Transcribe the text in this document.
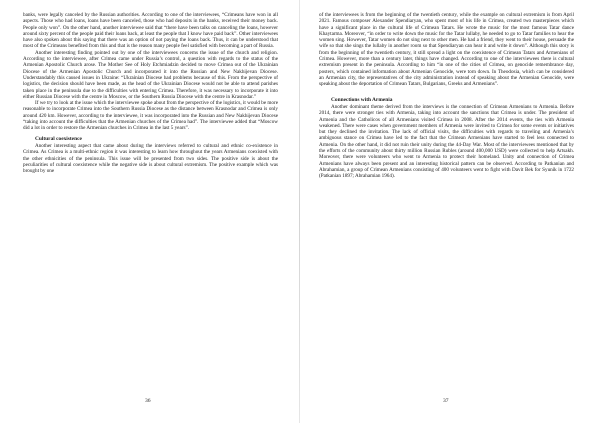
banks, were legally canceled by the Russian authorities. According to one of the interviewees, “Crimeans have won in all aspects. Those who had loans, loans have been canceled, those who had deposits in the banks, received their money back. People only won”. On the other hand, another interviewee said that “there have been talks on canceling the loans, however around sixty percent of the people paid their loans back, at least the people that I know have paid back”. Other interviewees have also spoken about this saying that there was an option of not paying the loans back. Thus, it can be understood that most of the Crimeans benefited from this and that is the reason many people feel satisfied with becoming a part of Russia.

Another interesting finding pointed out by one of the interviewees concerns the issue of the church and religion. According to the interviewee, after Crimea came under Russia’s control, a question with regards to the status of the Armenian Apostolic Church arose. The Mother See of Holy Etchmiadzin decided to move Crimea out of the Ukrainian Diocese of the Armenian Apostolic Church and incorporated it into the Russian and New Nakhijevan Diocese. Understandably this caused issues in Ukraine: “Ukrainian Diocese had problems because of this. From the perspective of logistics, the decision should have been made, as the head of the Ukrainian Diocese would not be able to attend parishes taken place in the peninsula due to the difficulties with entering Crimea. Therefore, it was necessary to incorporate it into either Russian Diocese with the centre in Moscow, or the Southern Russia Diocese with the centre in Krasnodar.”

If we try to look at the issue which the interviewee spoke about from the perspective of the logistics, it would be more reasonable to incorporate Crimea into the Southern Russia Diocese as the distance between Krasnodar and Crimea is only around 420 km. However, according to the interviewee, it was incorporated into the Russian and New Nakhijevan Diocese “taking into account the difficulties that the Armenian churches of the Crimea had”. The interviewee added that “Moscow did a lot in order to restore the Armenian churches in Crimea in the last 5 years”.

Cultural coexistence

Another interesting aspect that came about during the interviews referred to cultural and ethnic co-existence in Crimea. As Crimea is a multi-ethnic region it was interesting to learn how throughout the years Armenians coexisted with the other ethnicities of the peninsula. This issue will be presented from two sides. The positive side is about the peculiarities of cultural coexistence while the negative side is about cultural extremism. The positive example which was brought by one

of the interviewees is from the beginning of the twentieth century, while the example on cultural extremism is from April 2021. Famous composer Alexander Spendiaryan, who spent most of his life in Crimea, created two masterpieces which have a significant place in the cultural life of Crimean Tatars. He wrote the music for the most famous Tatar dance Khaytarma. Moreover, “in order to write down the music for the Tatar lullaby, he needed to go to Tatar families to hear the women sing. However, Tatar women do not sing next to other men. He had a friend, they went to their house, persuade the wife so that she sings the lullaby in another room so that Spendiaryan can hear it and write it down”. Although this story is from the beginning of the twentieth century, it still spread a light on the coexistence of Crimean Tatars and Armenians of Crimea. However, more than a century later, things have changed. According to one of the interviewees there is cultural extremism present in the peninsula. According to him “in one of the cities of Crimea, on genocide remembrance day, posters, which contained information about Armenian Genocide, were torn down. In Theodosia, which can be considered an Armenian city, the representatives of the city administration instead of speaking about the Armenian Genocide, were speaking about the deportation of Crimean Tatars, Bulgarians, Greeks and Armenians”.

Connections with Armenia

Another dominant theme derived from the interviews is the connection of Crimean Armenians to Armenia. Before 2014, there were stronger ties with Armenia, taking into account the sanctions that Crimea is under. The president of Armenia and the Catholicos of all Armenians visited Crimea in 2008. After the 2014 events, the ties with Armenia weakened. There were cases when government members of Armenia were invited to Crimea for some events or initiatives but they declined the invitation. The lack of official visits, the difficulties with regards to traveling and Armenia’s ambiguous stance on Crimea have led to the fact that the Crimean Armenians have started to feel less connected to Armenia. On the other hand, it did not ruin their unity during the 44-Day War. Most of the interviewees mentioned that by the efforts of the community about thirty million Russian Rubles (around 400,000 USD) were collected to help Artsakh. Moreover, there were volunteers who went to Armenia to protect their homeland. Unity and connection of Crimea Armenians have always been present and an interesting historical pattern can be observed. According to Patkanian and Abrahamian, a group of Crimean Armenians consisting of 400 volunteers went to fight with Davit Bek for Syunik in 1722 (Patkanian 1897; Abrahamian 1964).

36	37
